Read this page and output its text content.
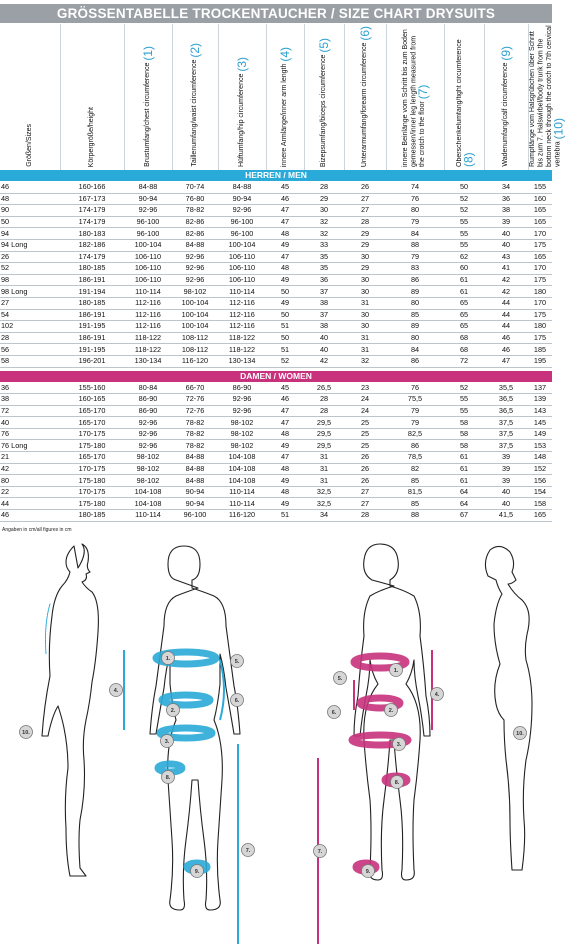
GRÖSSENTABELLE TROCKENTAUCHER / SIZE CHART DRYSUITS
Größen/Sizes	Körpergröße/height	Brustumfang/chest circumference (1)	Taillenumfang/waist circumference (2)	Hüftumfang/hip circumference (3)	innere Armlänge/inner arm length (4)	Bizepsumfang/biceps circumference (5)	Unterarmumfang/forearm circumference (6)	innere Beinlänge vom Schritt bis zum Boden gemessen/inner leg length measured from the crotch to the floor (7)	Oberschenkelumfang/tight circumference (8)	Wadenumfang/calf circumference (9)	Rumpflänge vom Halsgrübchen über Schritt bis zum 7. Halswirbel/body trunk from the bottom neck through the crotch to 7th cervical vertebra (10)

HERREN / MEN											
46	160-166	84-88	70-74	84-88	45	28	26	74	50	34	155
48	167-173	90-94	76-80	90-94	46	29	27	76	52	36	160
90	174-179	92-96	78-82	92-96	47	30	27	80	52	38	165
50	174-179	96-100	82-86	96-100	47	32	28	79	55	39	165
94	180-183	96-100	82-86	96-100	48	32	29	84	55	40	170
94 Long	182-186	100-104	84-88	100-104	49	33	29	88	55	40	175
26	174-179	106-110	92-96	106-110	47	35	30	79	62	43	165
52	180-185	106-110	92-96	106-110	48	35	29	83	60	41	170
98	186-191	106-110	92-96	106-110	49	36	30	86	61	42	175
98 Long	191-194	110-114	98-102	110-114	50	37	30	89	61	42	180
27	180-185	112-116	100-104	112-116	49	38	31	80	65	44	170
54	186-191	112-116	100-104	112-116	50	37	30	85	65	44	175
102	191-195	112-116	100-104	112-116	51	38	30	89	65	44	180
28	186-191	118-122	108-112	118-122	50	40	31	80	68	46	175
56	191-195	118-122	108-112	118-122	51	40	31	84	68	46	185
58	196-201	130-134	116-120	130-134	52	42	32	86	72	47	195

DAMEN / WOMEN											
36	155-160	80-84	66-70	86-90	45	26,5	23	76	52	35,5	137
38	160-165	86-90	72-76	92-96	46	28	24	75,5	55	36,5	139
72	165-170	86-90	72-76	92-96	47	28	24	79	55	36,5	143
40	165-170	92-96	78-82	98-102	47	29,5	25	79	58	37,5	145
76	170-175	92-96	78-82	98-102	48	29,5	25	82,5	58	37,5	149
76 Long	175-180	92-96	78-82	98-102	49	29,5	25	86	58	37,5	153
21	165-170	98-102	84-88	104-108	47	31	26	78,5	61	39	148
42	170-175	98-102	84-88	104-108	48	31	26	82	61	39	152
80	175-180	98-102	84-88	104-108	49	31	26	85	61	39	156
22	170-175	104-108	90-94	110-114	48	32,5	27	81,5	64	40	154
44	175-180	104-108	90-94	110-114	49	32,5	27	85	64	40	158
46	180-185	110-114	96-100	116-120	51	34	28	88	67	41,5	165
Angaben in cm/all figures in cm
1.
2.
3.
4.
5.
6.
7.
8.
9.
10.
1.
2.
3.
4.
5.
6.
7.
8.
9.
10.
